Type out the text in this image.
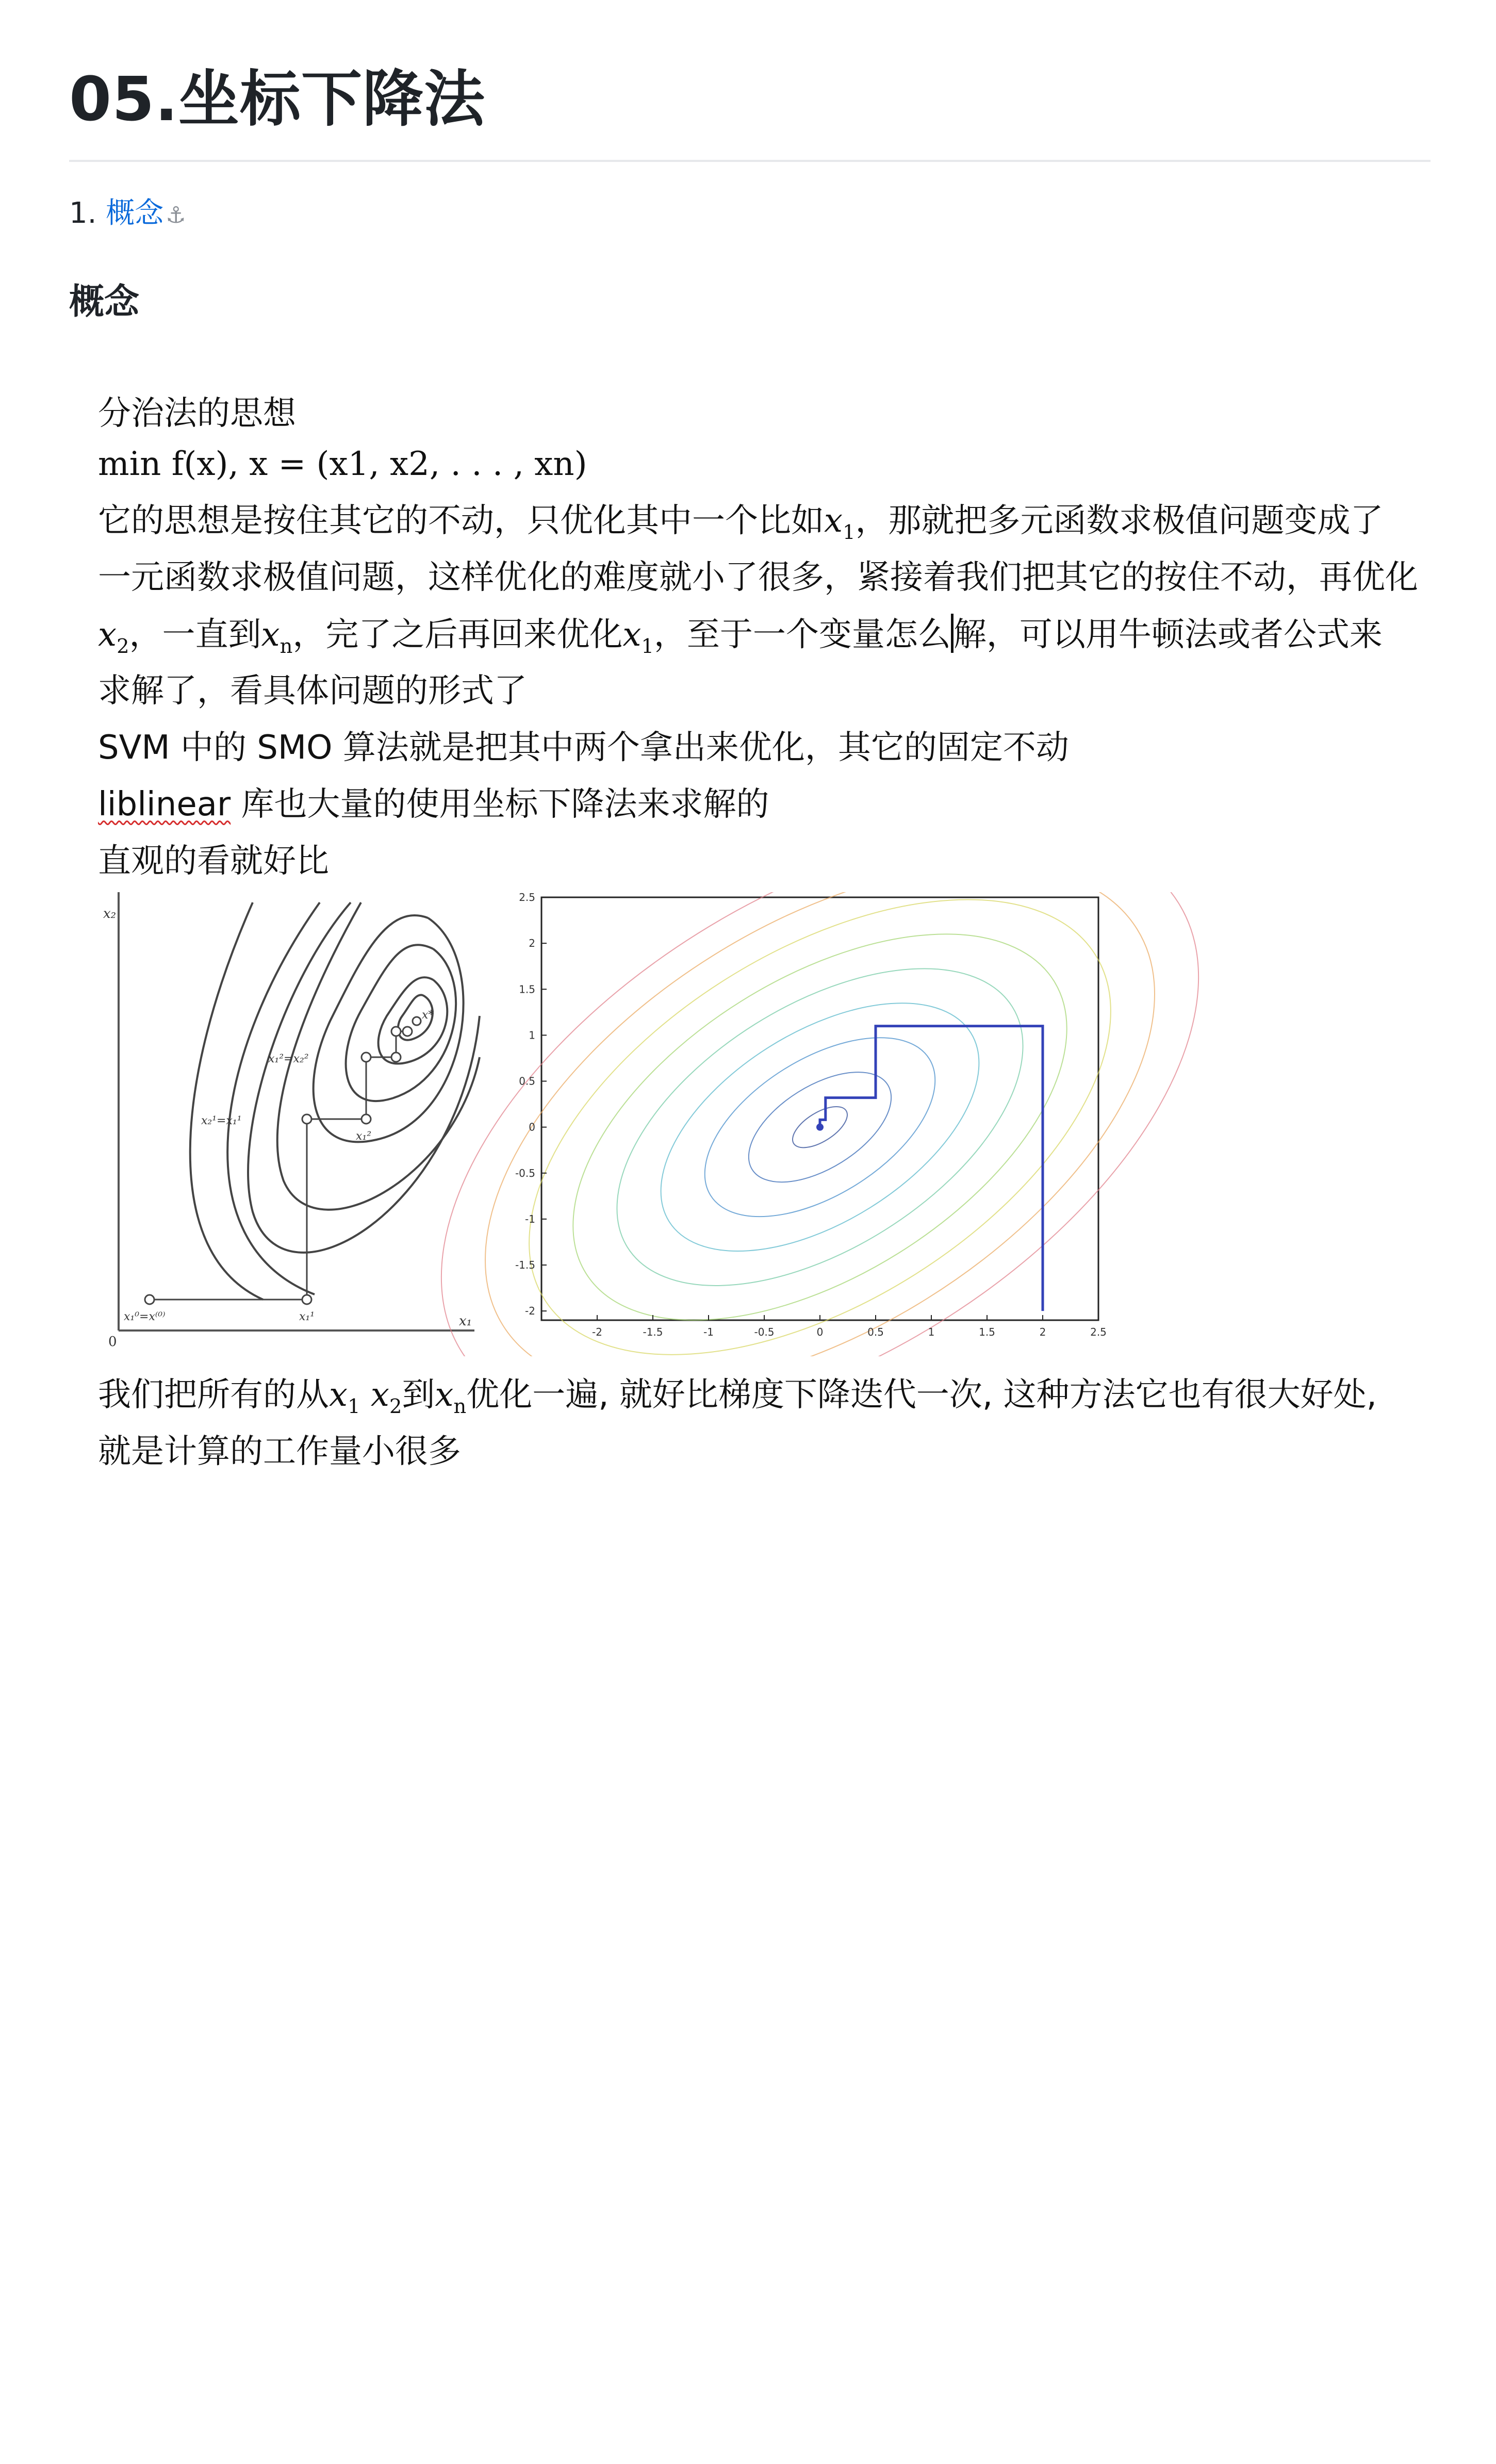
05.坐标下降法
1. 概念⚓
概念
分治法的思想
min f(x), x = (x1, x2, . . . , xn)
它的思想是按住其它的不动，只优化其中一个比如$x_1$，那就把多元函数求极值问题变成了
一元函数求极值问题，这样优化的难度就小了很多，紧接着我们把其它的按住不动，再优化
$x_2$，一直到$x_n$，完了之后再回来优化$x_1$，至于一个变量怎么解，可以用牛顿法或者公式来
求解了，看具体问题的形式了
SVM 中的 SMO 算法就是把其中两个拿出来优化，其它的固定不动
liblinear 库也大量的使用坐标下降法来求解的
直观的看就好比
x₂
x₁
0
x₁⁰=x⁽⁰⁾	x₁¹
x₂¹=x₁¹
x₁²
x₁²=x₂²
x*
-2	-1.5	-1	-0.5	0	0.5	1	1.5	2	2.5
2.5
2
1.5
1
0.5
0
-0.5
-1
-1.5
-2
我们把所有的从$x_1$ $x_2$到$x_n$优化一遍, 就好比梯度下降迭代一次, 这种方法它也有很大好处,
就是计算的工作量小很多
